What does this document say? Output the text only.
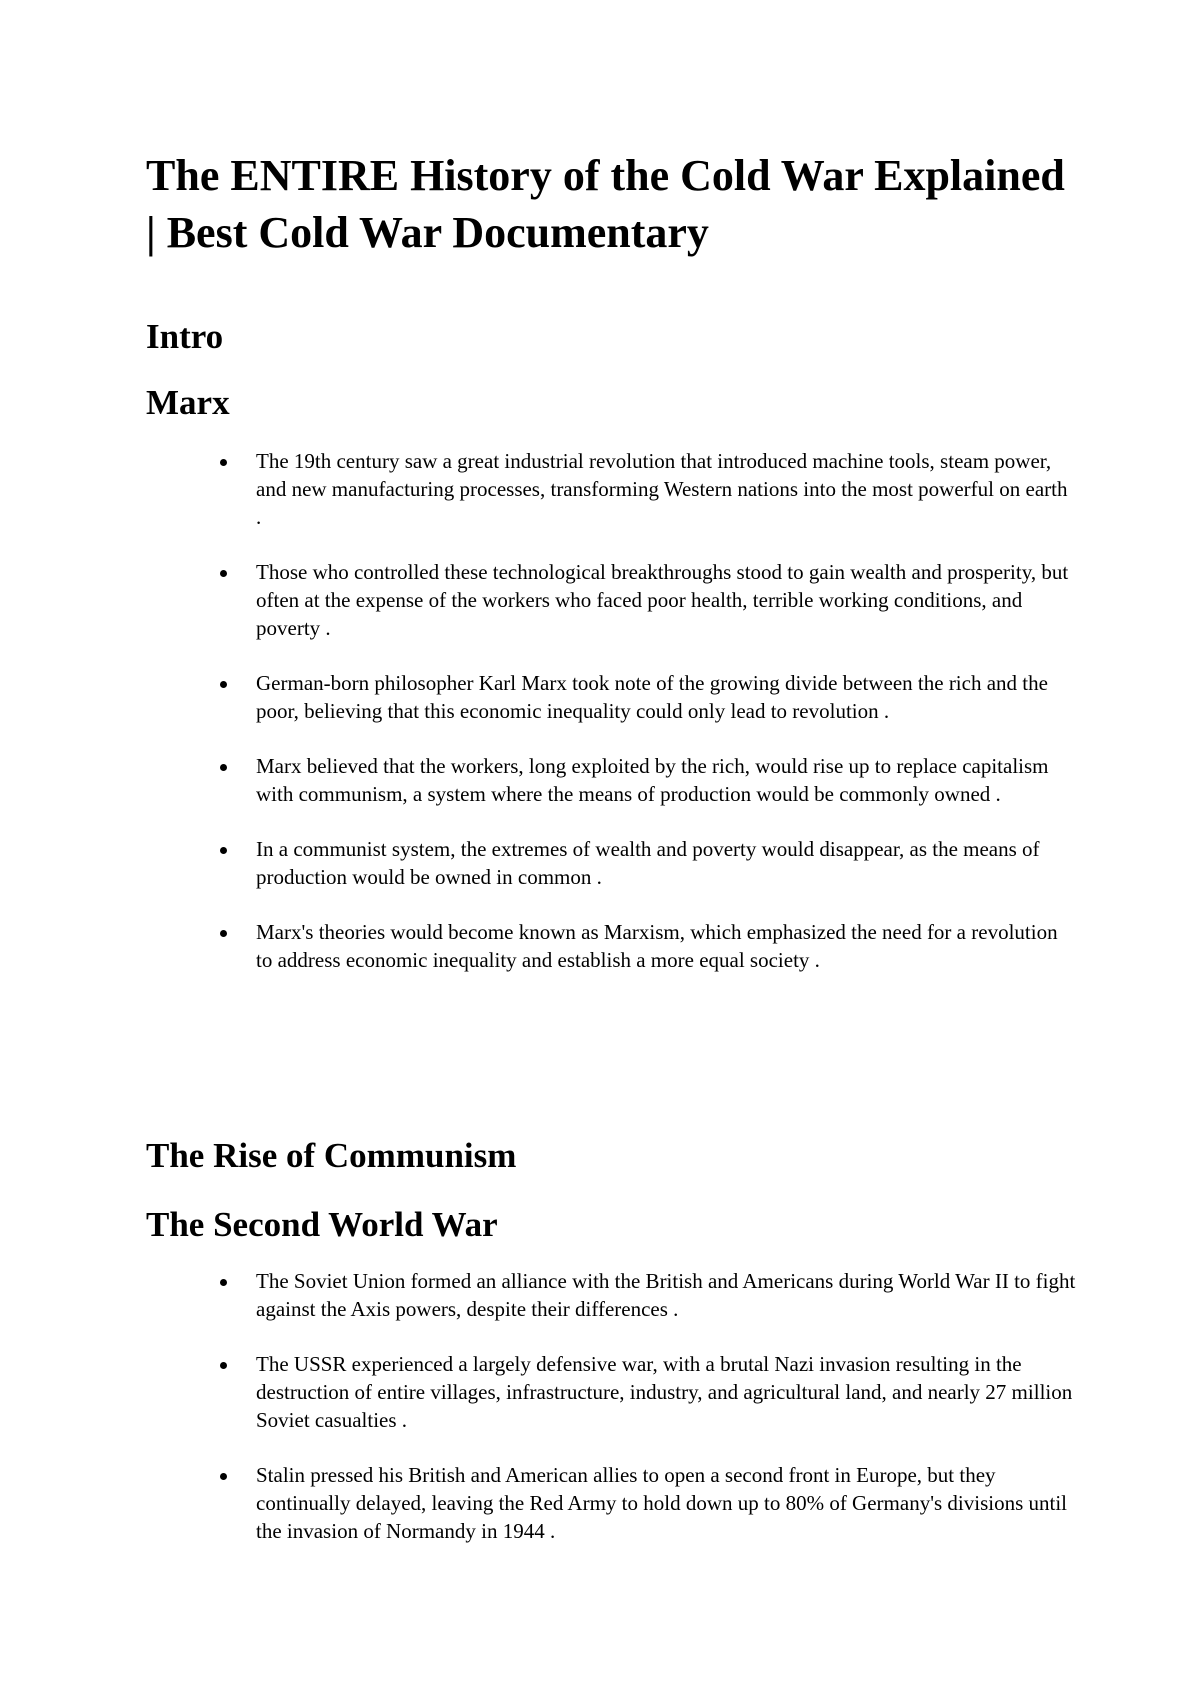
The ENTIRE History of the Cold War Explained | Best Cold War Documentary
Intro
Marx
The 19th century saw a great industrial revolution that introduced machine tools, steam power, and new manufacturing processes, transforming Western nations into the most powerful on earth .
Those who controlled these technological breakthroughs stood to gain wealth and prosperity, but often at the expense of the workers who faced poor health, terrible working conditions, and poverty .
German-born philosopher Karl Marx took note of the growing divide between the rich and the poor, believing that this economic inequality could only lead to revolution .
Marx believed that the workers, long exploited by the rich, would rise up to replace capitalism with communism, a system where the means of production would be commonly owned .
In a communist system, the extremes of wealth and poverty would disappear, as the means of production would be owned in common .
Marx's theories would become known as Marxism, which emphasized the need for a revolution to address economic inequality and establish a more equal society .
The Rise of Communism
The Second World War
The Soviet Union formed an alliance with the British and Americans during World War II to fight against the Axis powers, despite their differences .
The USSR experienced a largely defensive war, with a brutal Nazi invasion resulting in the destruction of entire villages, infrastructure, industry, and agricultural land, and nearly 27 million Soviet casualties .
Stalin pressed his British and American allies to open a second front in Europe, but they continually delayed, leaving the Red Army to hold down up to 80% of Germany's divisions until the invasion of Normandy in 1944 .
